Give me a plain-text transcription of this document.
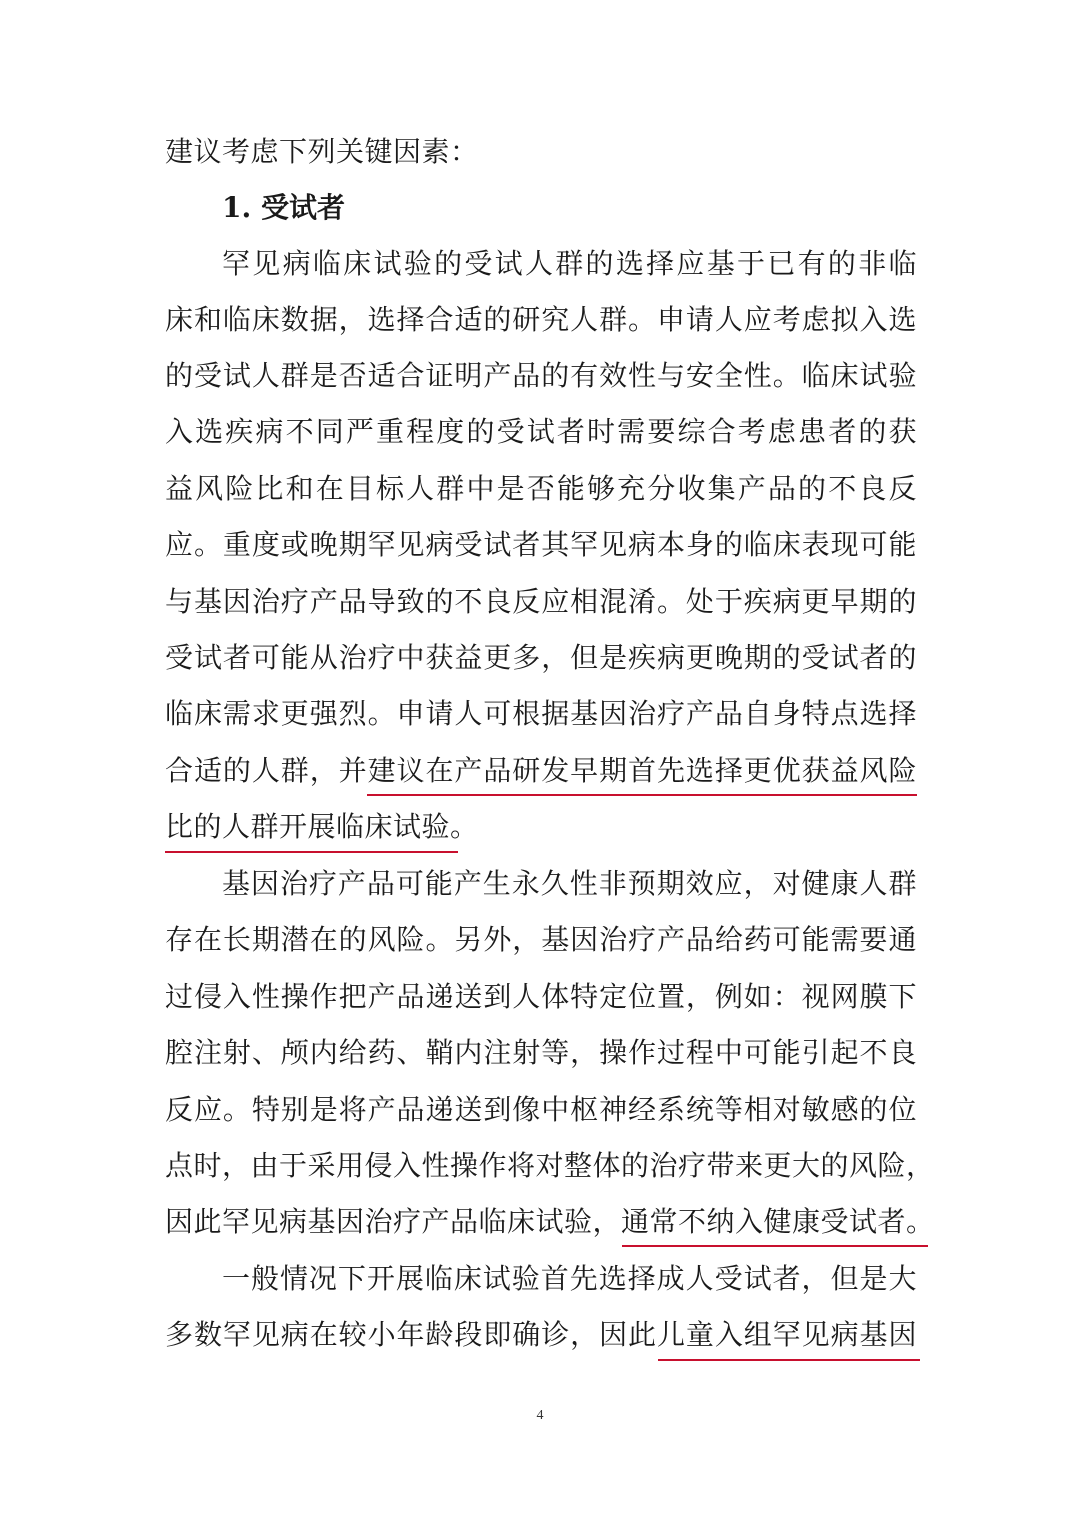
建议考虑下列关键因素：
1. 受试者
罕见病临床试验的受试人群的选择应基于已有的非临
床和临床数据，选择合适的研究人群。申请人应考虑拟入选
的受试人群是否适合证明产品的有效性与安全性。临床试验
入选疾病不同严重程度的受试者时需要综合考虑患者的获
益风险比和在目标人群中是否能够充分收集产品的不良反
应。重度或晚期罕见病受试者其罕见病本身的临床表现可能
与基因治疗产品导致的不良反应相混淆。处于疾病更早期的
受试者可能从治疗中获益更多，但是疾病更晚期的受试者的
临床需求更强烈。申请人可根据基因治疗产品自身特点选择
合适的人群，并建议在产品研发早期首先选择更优获益风险
比的人群开展临床试验。
基因治疗产品可能产生永久性非预期效应，对健康人群
存在长期潜在的风险。另外，基因治疗产品给药可能需要通
过侵入性操作把产品递送到人体特定位置，例如：视网膜下
腔注射、颅内给药、鞘内注射等，操作过程中可能引起不良
反应。特别是将产品递送到像中枢神经系统等相对敏感的位
点时，由于采用侵入性操作将对整体的治疗带来更大的风险，
因此罕见病基因治疗产品临床试验，通常不纳入健康受试者。
一般情况下开展临床试验首先选择成人受试者，但是大
多数罕见病在较小年龄段即确诊，因此儿童入组罕见病基因
4
